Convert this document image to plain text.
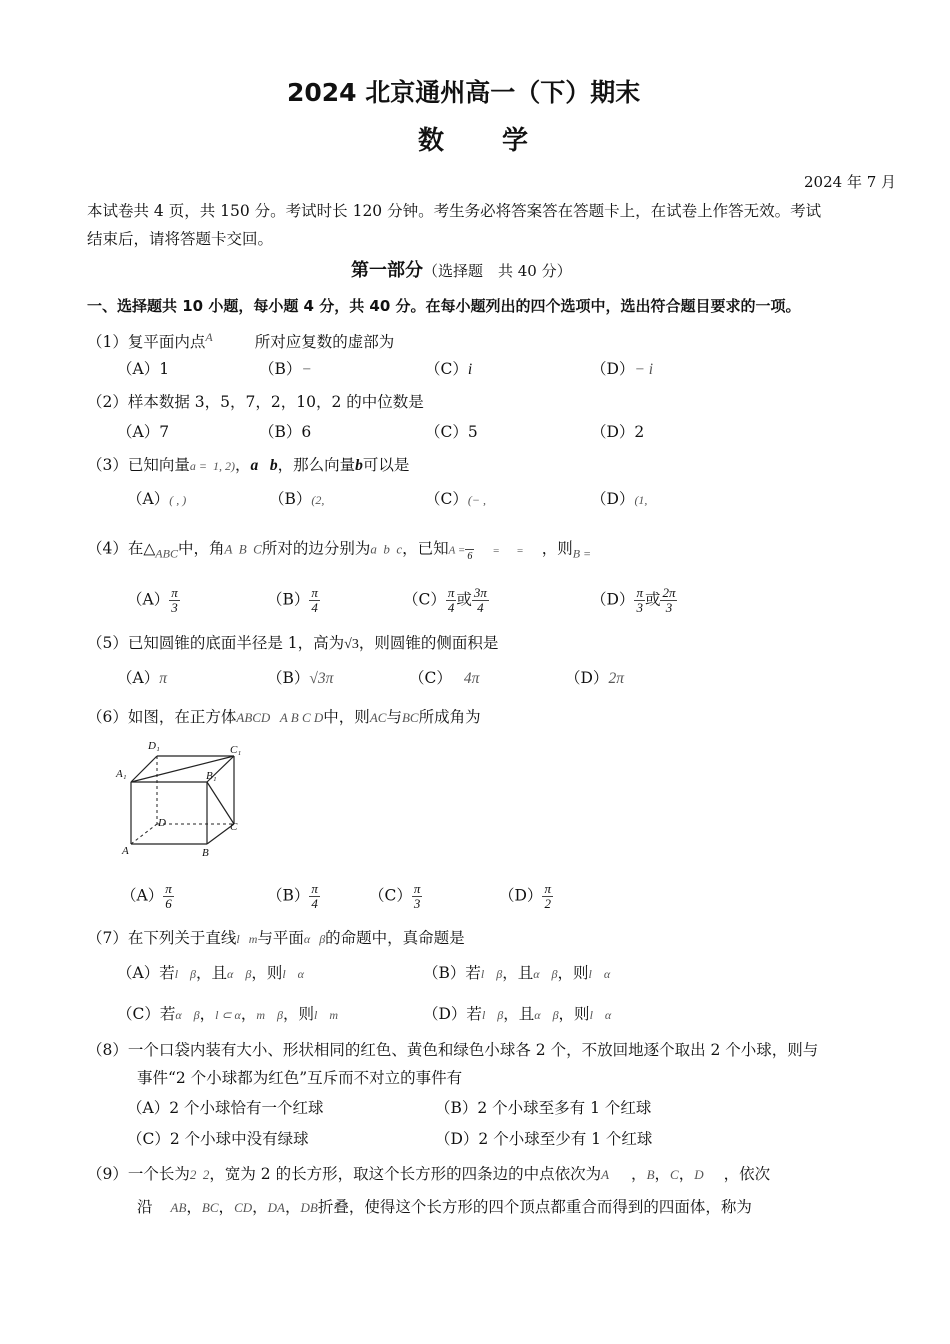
2024 北京通州高一（下）期末
数　　学
2024 年 7 月
本试卷共 4 页，共 150 分。考试时长 120 分钟。考生务必将答案答在答题卡上，在试卷上作答无效。考试
结束后，请将答题卡交回。
第一部分（选择题　共 40 分）
一、选择题共 10 小题，每小题 4 分，共 40 分。在每小题列出的四个选项中，选出符合题目要求的一项。
（1）复平面内点$^A$	所对应复数的虚部为
（A）1	（B）−	（C）i	（D）− i
（2）样本数据 3，5，7，2，10，2 的中位数是
（A）7	（B）6	（C）5	（D）2
（3）已知向量a =  1, 2)，a   b，那么向量b可以是
（A）( , )	（B）(2,	（C）(− ,	（D）(1,
（4）在$\triangle_{ABC}$中，角A  B  C所对的边分别为a  b  c，已知A = 6 =      = ，则$_{B =}$
$(A) \frac{\pi}{3}$	$(B) \frac{\pi}{4}$	$(C) \frac{\pi}{4}$ 或 $\frac{3\pi}{4}$	$(D) \frac{\pi}{3}$ 或 $\frac{2\pi}{3}$
（5）已知圆锥的底面半径是 1，高为√3，则圆锥的侧面积是
（A）π	（B）√3π	（C） 4π	（D）2π
（6）如图，在正方体ABCD   A B C D中，则AC与BC所成角为
D₁	C₁
A₁	B₁
D	C
A	B
$(A) \frac{\pi}{6}$	$(B) \frac{\pi}{4}$	$(C) \frac{\pi}{3}$	$(D) \frac{\pi}{2}$
（7）在下列关于直线l   m与平面α   β的命题中，真命题是
（A）若l    β，且α    β，则l    α	（B）若l    β，且α    β，则l    α
（C）若α    β，l ⊂ α，m    β，则l    m	（D）若l    β，且α    β，则l    α
（8）一个口袋内装有大小、形状相同的红色、黄色和绿色小球各 2 个，不放回地逐个取出 2 个小球，则与
事件“2 个小球都为红色”互斥而不对立的事件有
（A）2 个小球恰有一个红球	（B）2 个小球至多有 1 个红球
（C）2 个小球中没有绿球	（D）2 个小球至少有 1 个红球
（9）一个长为2  2，宽为 2 的长方形，取这个长方形的四条边的中点依次为A ，B，C，D ，依次
沿 AB，BC，CD，DA，DB折叠，使得这个长方形的四个顶点都重合而得到的四面体，称为
